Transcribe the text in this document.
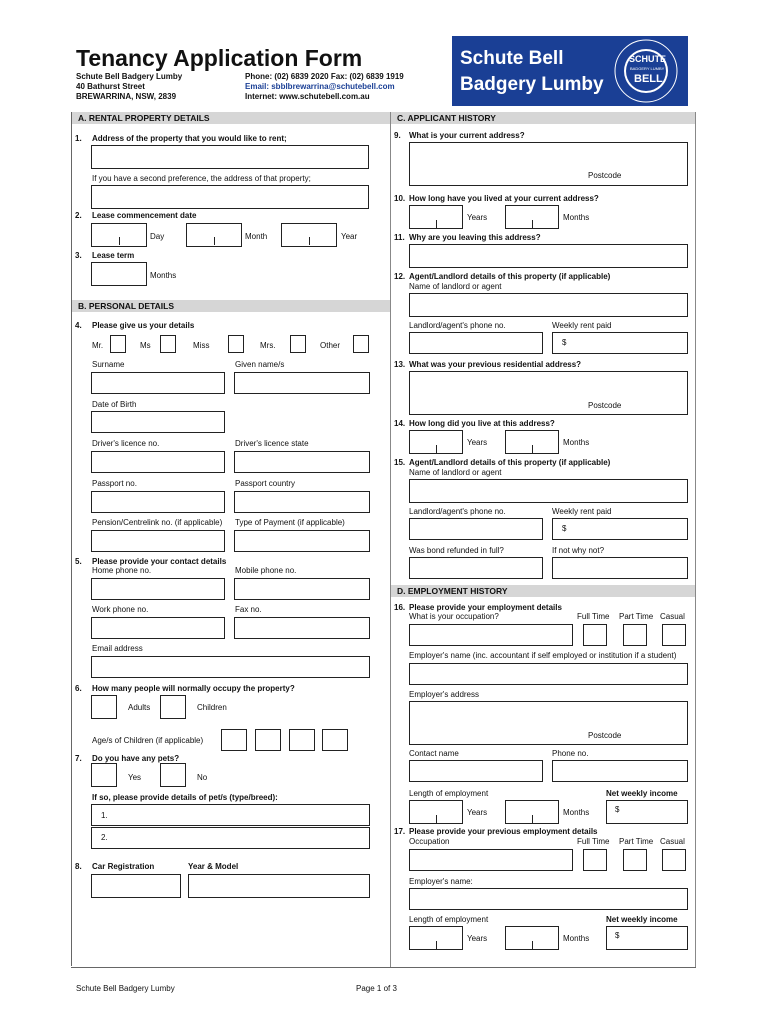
Tenancy Application Form
Schute Bell Badgery Lumby
40 Bathurst Street
BREWARRINA, NSW, 2839
Phone: (02) 6839 2020 Fax: (02) 6839 1919
Email: sbblbrewarrina@schutebell.com
Internet: www.schutebell.com.au
Schute Bell
Badgery Lumby
SCHUTE
BADGERY LUMBY
BELL
A. RENTAL PROPERTY DETAILS
1. Address of the property that you would like to rent;
If you have a second preference, the address of that property;
2. Lease commencement date
Day	Month	Year
3. Lease term
Months
B. PERSONAL DETAILS
4. Please give us your details
Mr.	Ms	Miss	Mrs.	Other
Surname	Given name/s
Date of Birth
Driver's licence no.	Driver's licence state
Passport no.	Passport country
Pension/Centrelink no. (if applicable) Type of Payment (if applicable)
5. Please provide your contact details
Home phone no.	Mobile phone no.
Work phone no.	Fax no.
Email address
6. How many people will normally occupy the property?
Adults	Children
Age/s of Children (if applicable)
7. Do you have any pets?
Yes	No
If so, please provide details of pet/s (type/breed):
1.
2.
8. Car Registration	Year & Model
C. APPLICANT HISTORY
9. What is your current address?
Postcode
10. How long have you lived at your current address?
Years	Months
11. Why are you leaving this address?
12. Agent/Landlord details of this property (if applicable)
Name of landlord or agent
Landlord/agent's phone no.	Weekly rent paid
$
13. What was your previous residential address?
Postcode
14. How long did you live at this address?
Years	Months
15. Agent/Landlord details of this property (if applicable)
Name of landlord or agent
Landlord/agent's phone no.	Weekly rent paid
$
Was bond refunded in full?	If not why not?
D. EMPLOYMENT HISTORY
16. Please provide your employment details
What is your occupation?	Full Time Part Time Casual
Employer's name (inc. accountant if self employed or institution if a student)
Employer's address
Postcode
Contact name	Phone no.
Length of employment	Net weekly income
Years	Months	$
17. Please provide your previous employment details
Occupation	Full Time Part Time Casual
Employer's name:
Length of employment	Net weekly income
Years	Months	$
Schute Bell Badgery Lumby	Page 1 of 3
